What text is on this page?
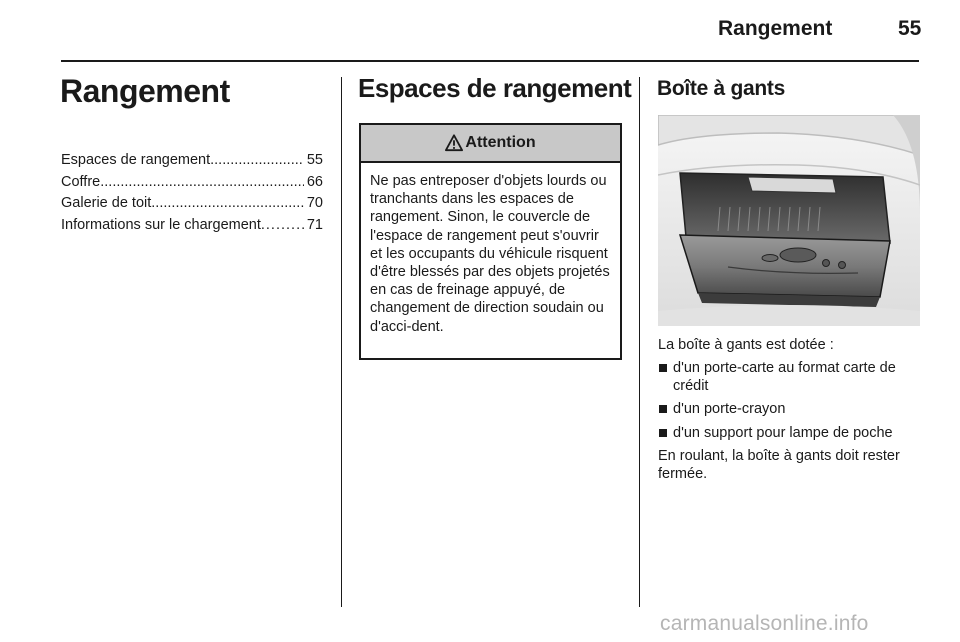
Rangement	55
Rangement
Espaces de rangement .....	55
Coffre .....	66
Galerie de toit .....	70
Informations sur le chargement .....	71
Espaces de rangement
Attention
Ne pas entreposer d'objets lourds ou tranchants dans les espaces de rangement. Sinon, le couvercle de l'espace de rangement peut s'ouvrir et les occupants du véhicule risquent d'être blessés par des objets projetés en cas de freinage appuyé, de changement de direction soudain ou d'acci-dent.
Boîte à gants

La boîte à gants est dotée :

d'un porte-carte au format carte de crédit
d'un porte-crayon
d'un support pour lampe de poche

En roulant, la boîte à gants doit rester fermée.

carmanualsonline.info
